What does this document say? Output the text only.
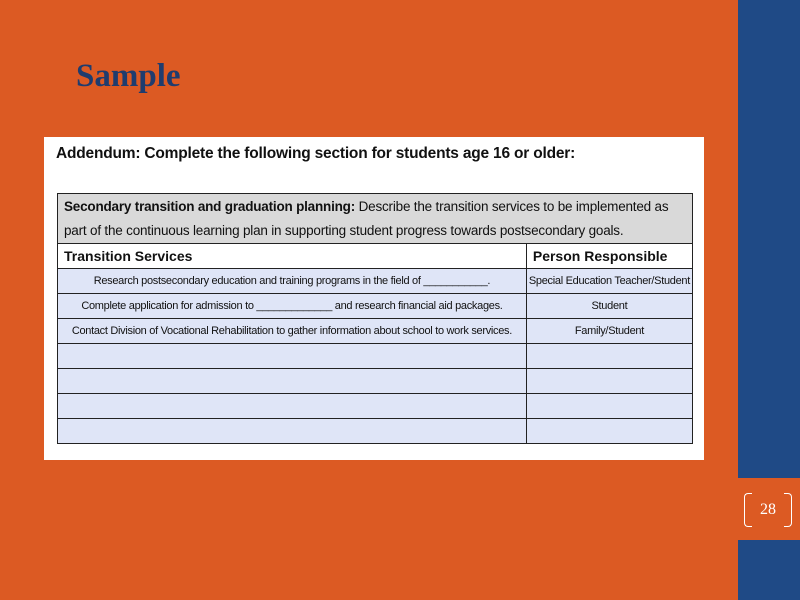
28
Sample
Addendum: Complete the following section for students age 16 or older:
Secondary transition and graduation planning: Describe the transition services to be implemented as part of the continuous learning plan in supporting student progress towards postsecondary goals.	
Transition Services	Person Responsible
Research postsecondary education and training programs in the field of ___________.	Special Education Teacher/Student
Complete application for admission to _____________ and research financial aid packages.	Student
Contact Division of Vocational Rehabilitation to gather information about school to work services.	Family/Student
